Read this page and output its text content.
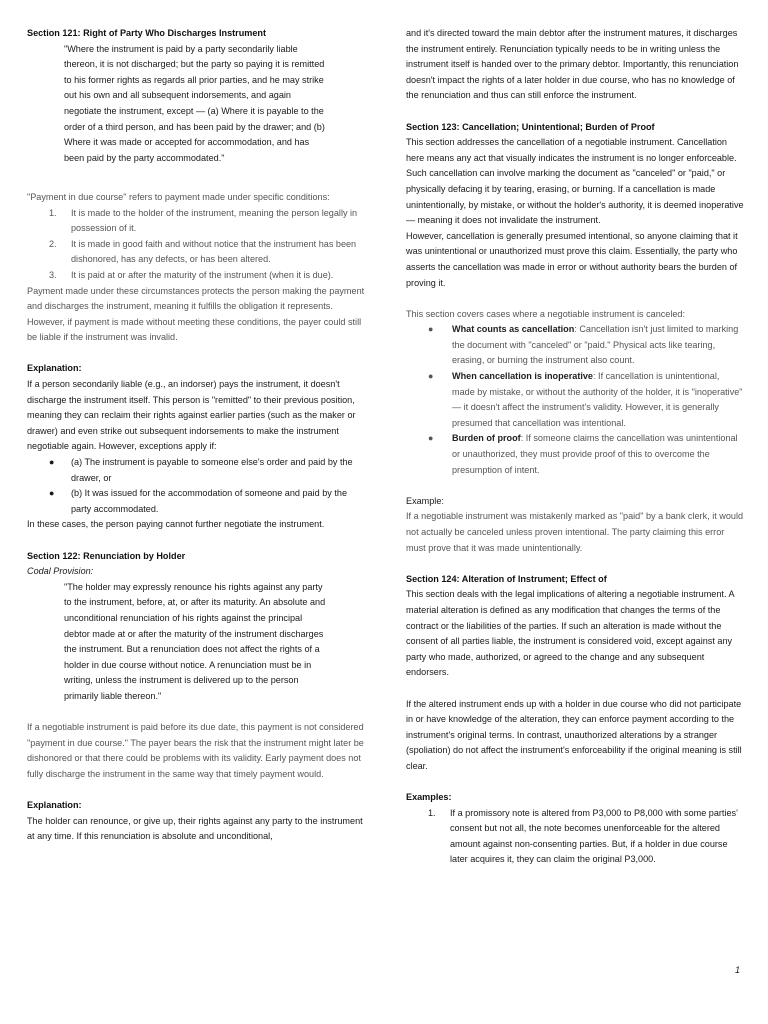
Section 121: Right of Party Who Discharges Instrument

"Where the instrument is paid by a party secondarily liable thereon, it is not discharged; but the party so paying it is remitted to his former rights as regards all prior parties, and he may strike out his own and all subsequent indorsements, and again negotiate the instrument, except — (a) Where it is payable to the order of a third person, and has been paid by the drawer; and (b) Where it was made or accepted for accommodation, and has been paid by the party accommodated."

"Payment in due course" refers to payment made under specific conditions:

1. It is made to the holder of the instrument, meaning the person legally in possession of it.
2. It is made in good faith and without notice that the instrument has been dishonored, has any defects, or has been altered.
3. It is paid at or after the maturity of the instrument (when it is due).

Payment made under these circumstances protects the person making the payment and discharges the instrument, meaning it fulfills the obligation it represents. However, if payment is made without meeting these conditions, the payer could still be liable if the instrument was invalid.

Explanation:

If a person secondarily liable (e.g., an indorser) pays the instrument, it doesn't discharge the instrument itself. This person is "remitted" to their previous position, meaning they can reclaim their rights against earlier parties (such as the maker or drawer) and even strike out subsequent indorsements to make the instrument negotiable again. However, exceptions apply if:

● (a) The instrument is payable to someone else's order and paid by the drawer, or
● (b) It was issued for the accommodation of someone and paid by the party accommodated.

In these cases, the person paying cannot further negotiate the instrument.

Section 122: Renunciation by Holder

Codal Provision:

"The holder may expressly renounce his rights against any party to the instrument, before, at, or after its maturity. An absolute and unconditional renunciation of his rights against the principal debtor made at or after the maturity of the instrument discharges the instrument. But a renunciation does not affect the rights of a holder in due course without notice. A renunciation must be in writing, unless the instrument is delivered up to the person primarily liable thereon."

If a negotiable instrument is paid before its due date, this payment is not considered "payment in due course." The payer bears the risk that the instrument might later be dishonored or that there could be problems with its validity. Early payment does not fully discharge the instrument in the same way that timely payment would.

Explanation:

The holder can renounce, or give up, their rights against any party to the instrument at any time. If this renunciation is absolute and unconditional,

and it's directed toward the main debtor after the instrument matures, it discharges the instrument entirely. Renunciation typically needs to be in writing unless the instrument itself is handed over to the primary debtor. Importantly, this renunciation doesn't impact the rights of a later holder in due course, who has no knowledge of the renunciation and thus can still enforce the instrument.

Section 123: Cancellation; Unintentional; Burden of Proof

This section addresses the cancellation of a negotiable instrument. Cancellation here means any act that visually indicates the instrument is no longer enforceable. Such cancellation can involve marking the document as "canceled" or "paid," or physically defacing it by tearing, erasing, or burning. If a cancellation is made unintentionally, by mistake, or without the holder's authority, it is deemed inoperative — meaning it does not invalidate the instrument.

However, cancellation is generally presumed intentional, so anyone claiming that it was unintentional or unauthorized must prove this claim. Essentially, the party who asserts the cancellation was made in error or without authority bears the burden of proving it.

This section covers cases where a negotiable instrument is canceled:

● What counts as cancellation: Cancellation isn't just limited to marking the document with "canceled" or "paid." Physical acts like tearing, erasing, or burning the instrument also count.
● When cancellation is inoperative: If cancellation is unintentional, made by mistake, or without the authority of the holder, it is "inoperative" — it doesn't affect the instrument's validity. However, it is generally presumed that cancellation was intentional.
● Burden of proof: If someone claims the cancellation was unintentional or unauthorized, they must provide proof of this to overcome the presumption of intent.

Example:

If a negotiable instrument was mistakenly marked as "paid" by a bank clerk, it would not actually be canceled unless proven intentional. The party claiming this error must prove that it was made unintentionally.

Section 124: Alteration of Instrument; Effect of

This section deals with the legal implications of altering a negotiable instrument. A material alteration is defined as any modification that changes the terms of the contract or the liabilities of the parties. If such an alteration is made without the consent of all parties liable, the instrument is considered void, except against any party who made, authorized, or agreed to the change and any subsequent endorsers.

If the altered instrument ends up with a holder in due course who did not participate in or have knowledge of the alteration, they can enforce payment according to the instrument's original terms. In contrast, unauthorized alterations by a stranger (spoliation) do not affect the instrument's enforceability if the original meaning is still clear.

Examples:

1. If a promissory note is altered from P3,000 to P8,000 with some parties' consent but not all, the note becomes unenforceable for the altered amount against non-consenting parties. But, if a holder in due course later acquires it, they can claim the original P3,000.
1
